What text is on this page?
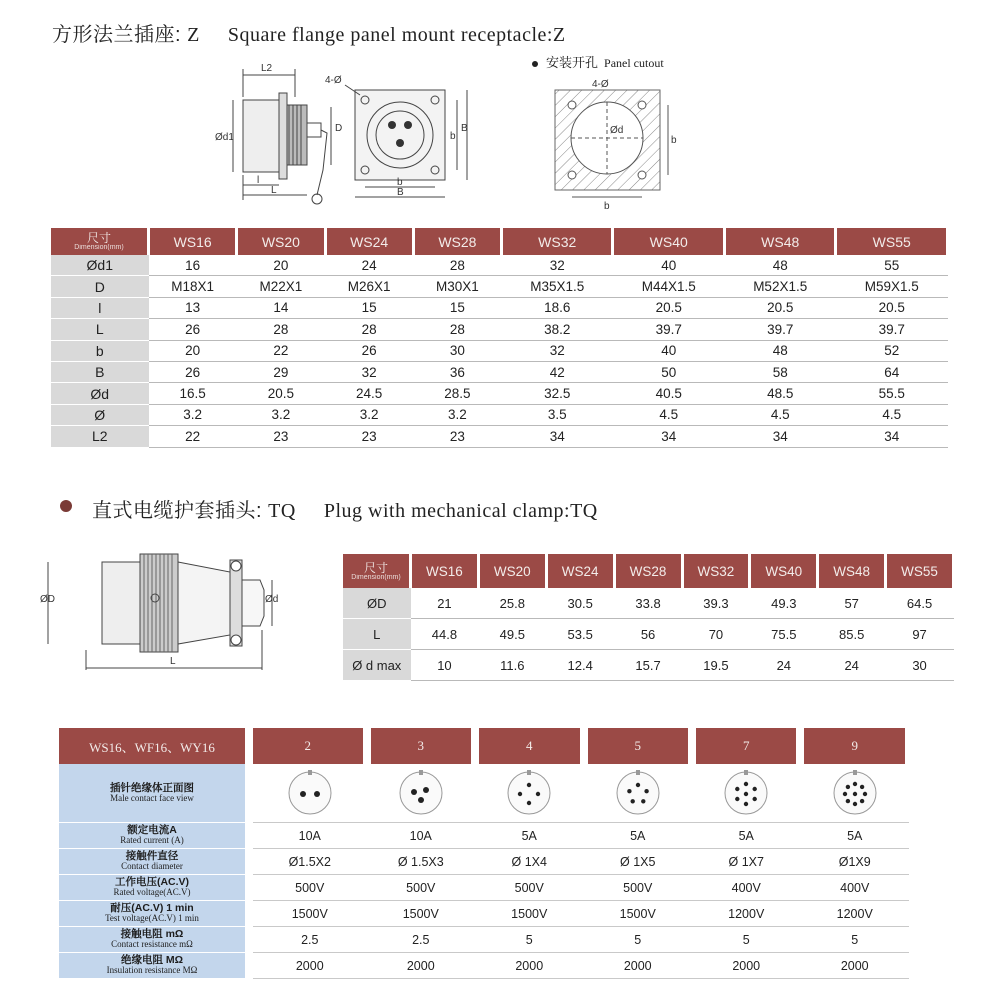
方形法兰插座: Z Square flange panel mount receptacle:Z
L2
Ød1
D
l
L
4-Ø
b
B
b
B
安装开孔 Panel cutout
4-Ø
b
b
Ød
尺寸
Dimension(mm)	WS16	WS20	WS24	WS28	WS32	WS40	WS48	WS55
Ød1	16	20	24	28	32	40	48	55
D	M18X1	M22X1	M26X1	M30X1	M35X1.5	M44X1.5	M52X1.5	M59X1.5
l	13	14	15	15	18.6	20.5	20.5	20.5
L	26	28	28	28	38.2	39.7	39.7	39.7
b	20	22	26	30	32	40	48	52
B	26	29	32	36	42	50	58	64
Ød	16.5	20.5	24.5	28.5	32.5	40.5	48.5	55.5
Ø	3.2	3.2	3.2	3.2	3.5	4.5	4.5	4.5
L2	22	23	23	23	34	34	34	34
直式电缆护套插头: TQ Plug with mechanical clamp:TQ
ØD	Ød
L
尺寸
Dimension(mm)	WS16	WS20	WS24	WS28	WS32	WS40	WS48	WS55
ØD	21	25.8	30.5	33.8	39.3	49.3	57	64.5
L	44.8	49.5	53.5	56	70	75.5	85.5	97
Ø d max	10	11.6	12.4	15.7	19.5	24	24	30
WS16、WF16、WY16	2	3	4	5	7	9

插针绝缘体正面图
Male contact face view

额定电流A
Rated current (A)	10A	10A	5A	5A	5A	5A

接触件直径
Contact diameter	Ø1.5X2	Ø 1.5X3	Ø 1X4	Ø 1X5	Ø 1X7	Ø1X9

工作电压(AC.V)
Rated voltage(AC.V)	500V	500V	500V	500V	400V	400V

耐压(AC.V) 1 min
Test voltage(AC.V) 1 min	1500V	1500V	1500V	1500V	1200V	1200V

接触电阻 mΩ
Contact resistance mΩ	2.5	2.5	5	5	5	5

绝缘电阻 MΩ
Insulation resistance MΩ	2000	2000	2000	2000	2000	2000
